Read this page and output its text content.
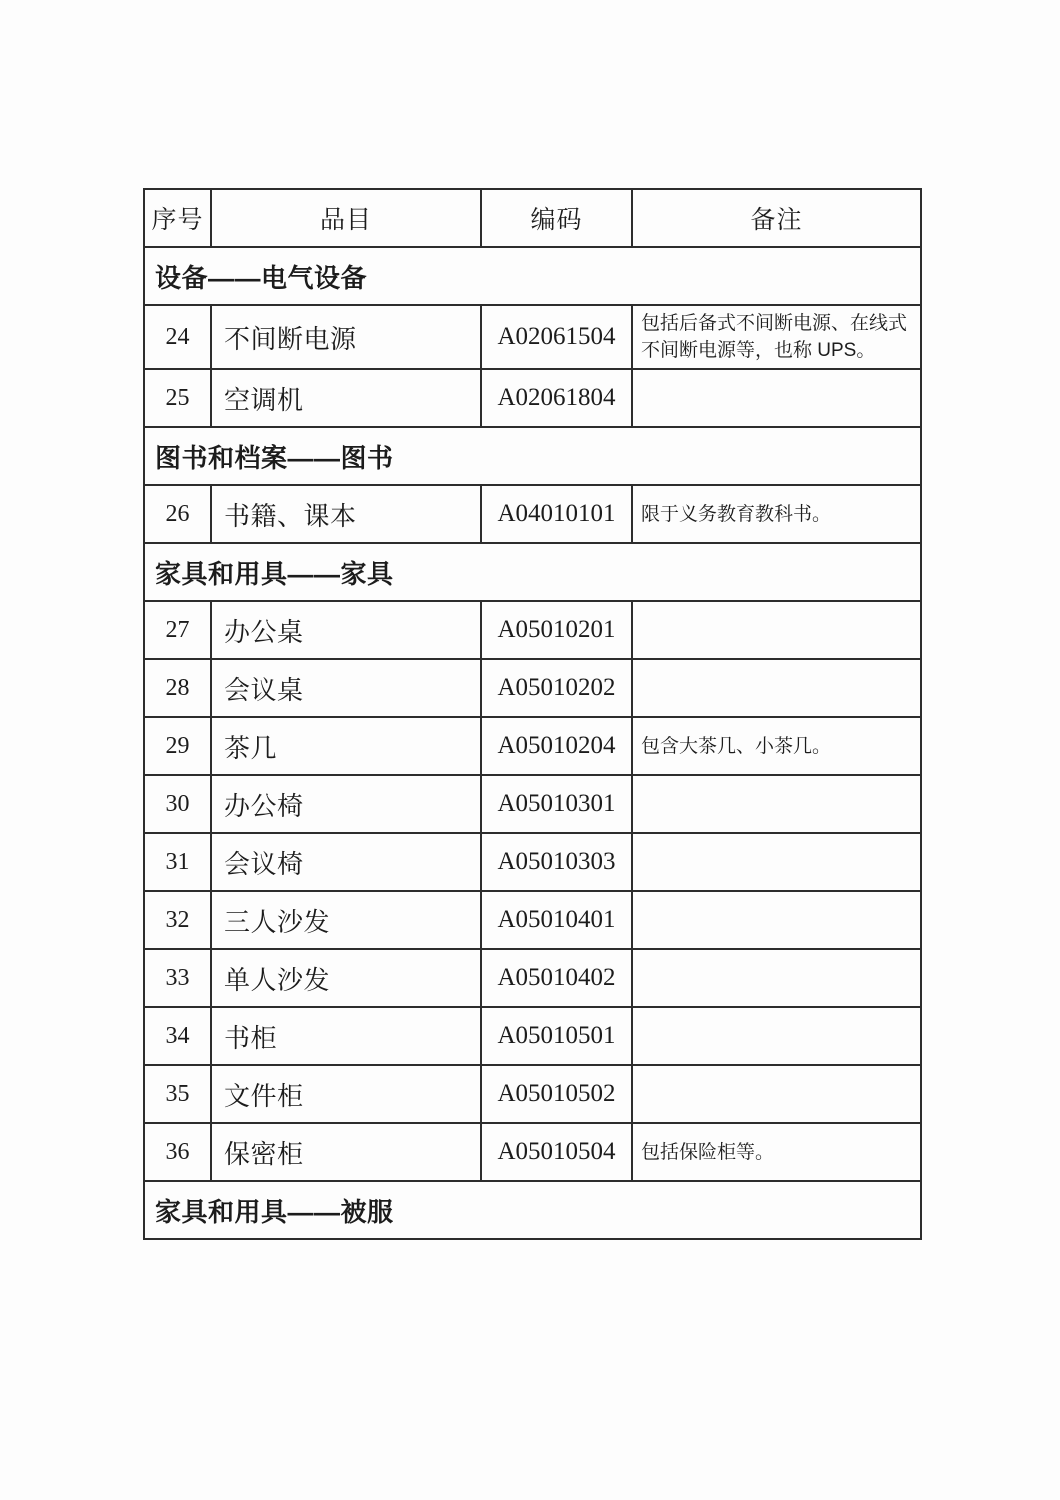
序号	品目	编码	备注
设备——电气设备			
24	不间断电源	A02061504	包括后备式不间断电源、在线式不间断电源等，也称 UPS。
25	空调机	A02061804	
图书和档案——图书			
26	书籍、课本	A04010101	限于义务教育教科书。
家具和用具——家具			
27	办公桌	A05010201	
28	会议桌	A05010202	
29	茶几	A05010204	包含大茶几、小茶几。
30	办公椅	A05010301	
31	会议椅	A05010303	
32	三人沙发	A05010401	
33	单人沙发	A05010402	
34	书柜	A05010501	
35	文件柜	A05010502	
36	保密柜	A05010504	包括保险柜等。
家具和用具——被服			
